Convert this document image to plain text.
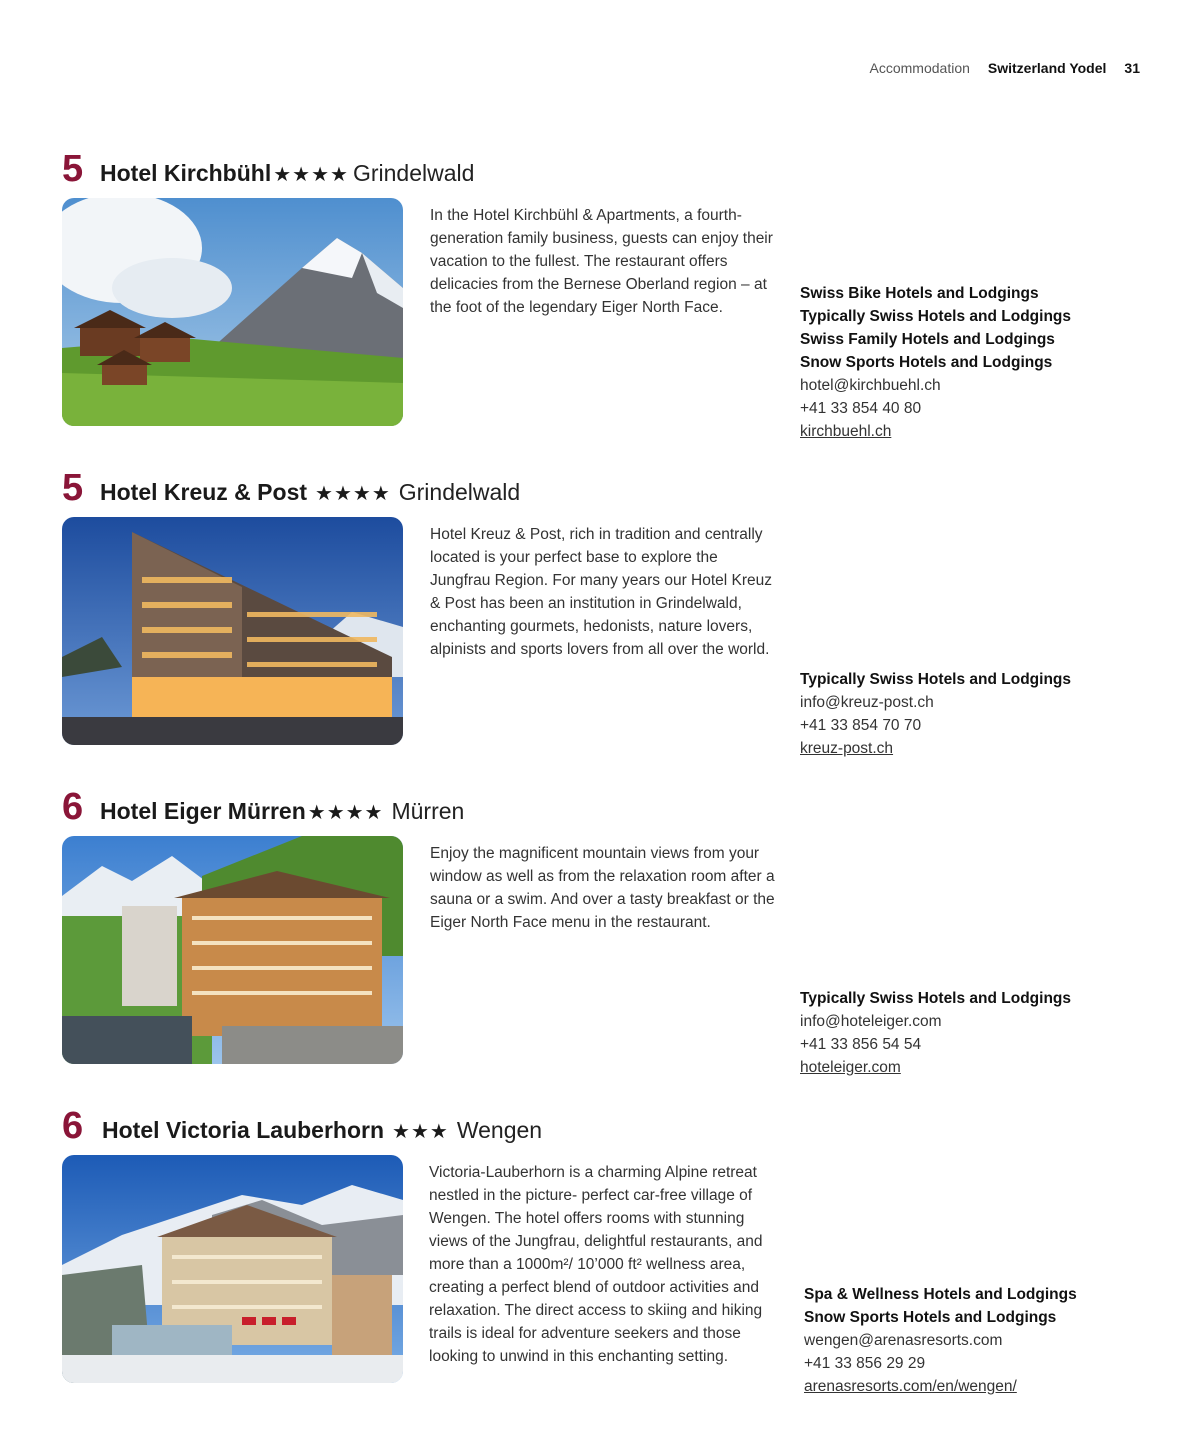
Accommodation Switzerland Yodel 31
5 Hotel Kirchbühl ★★★★ Grindelwald

In the Hotel Kirchbühl & Apartments, a fourth-generation family business, guests can enjoy their vacation to the fullest. The restaurant offers delicacies from the Bernese Oberland region – at the foot of the legendary Eiger North Face.

Swiss Bike Hotels and Lodgings
Typically Swiss Hotels and Lodgings
Swiss Family Hotels and Lodgings
Snow Sports Hotels and Lodgings
hotel@kirchbuehl.ch
+41 33 854 40 80
kirchbuehl.ch
5 Hotel Kreuz & Post ★★★★ Grindelwald

Hotel Kreuz & Post, rich in tradition and centrally located is your perfect base to explore the Jungfrau Region. For many years our Hotel Kreuz & Post has been an institution in Grindelwald, enchanting gourmets, hedonists, nature lovers, alpinists and sports lovers from all over the world.

Typically Swiss Hotels and Lodgings
info@kreuz-post.ch
+41 33 854 70 70
kreuz-post.ch
6 Hotel Eiger Mürren ★★★★ Mürren

Enjoy the magnificent mountain views from your window as well as from the relaxation room after a sauna or a swim. And over a tasty breakfast or the Eiger North Face menu in the restaurant.

Typically Swiss Hotels and Lodgings
info@hoteleiger.com
+41 33 856 54 54
hoteleiger.com
6 Hotel Victoria Lauberhorn ★★★ Wengen

Victoria-Lauberhorn is a charming Alpine retreat nestled in the picture- perfect car-free village of Wengen. The hotel offers rooms with stunning views of the Jungfrau, delightful restaurants, and more than a 1000m²/ 10’000 ft² wellness area, creating a perfect blend of outdoor activities and relaxation. The direct access to skiing and hiking trails is ideal for adventure seekers and those looking to unwind in this enchanting setting.

Spa & Wellness Hotels and Lodgings
Snow Sports Hotels and Lodgings
wengen@arenasresorts.com
+41 33 856 29 29
arenasresorts.com/en/wengen/
